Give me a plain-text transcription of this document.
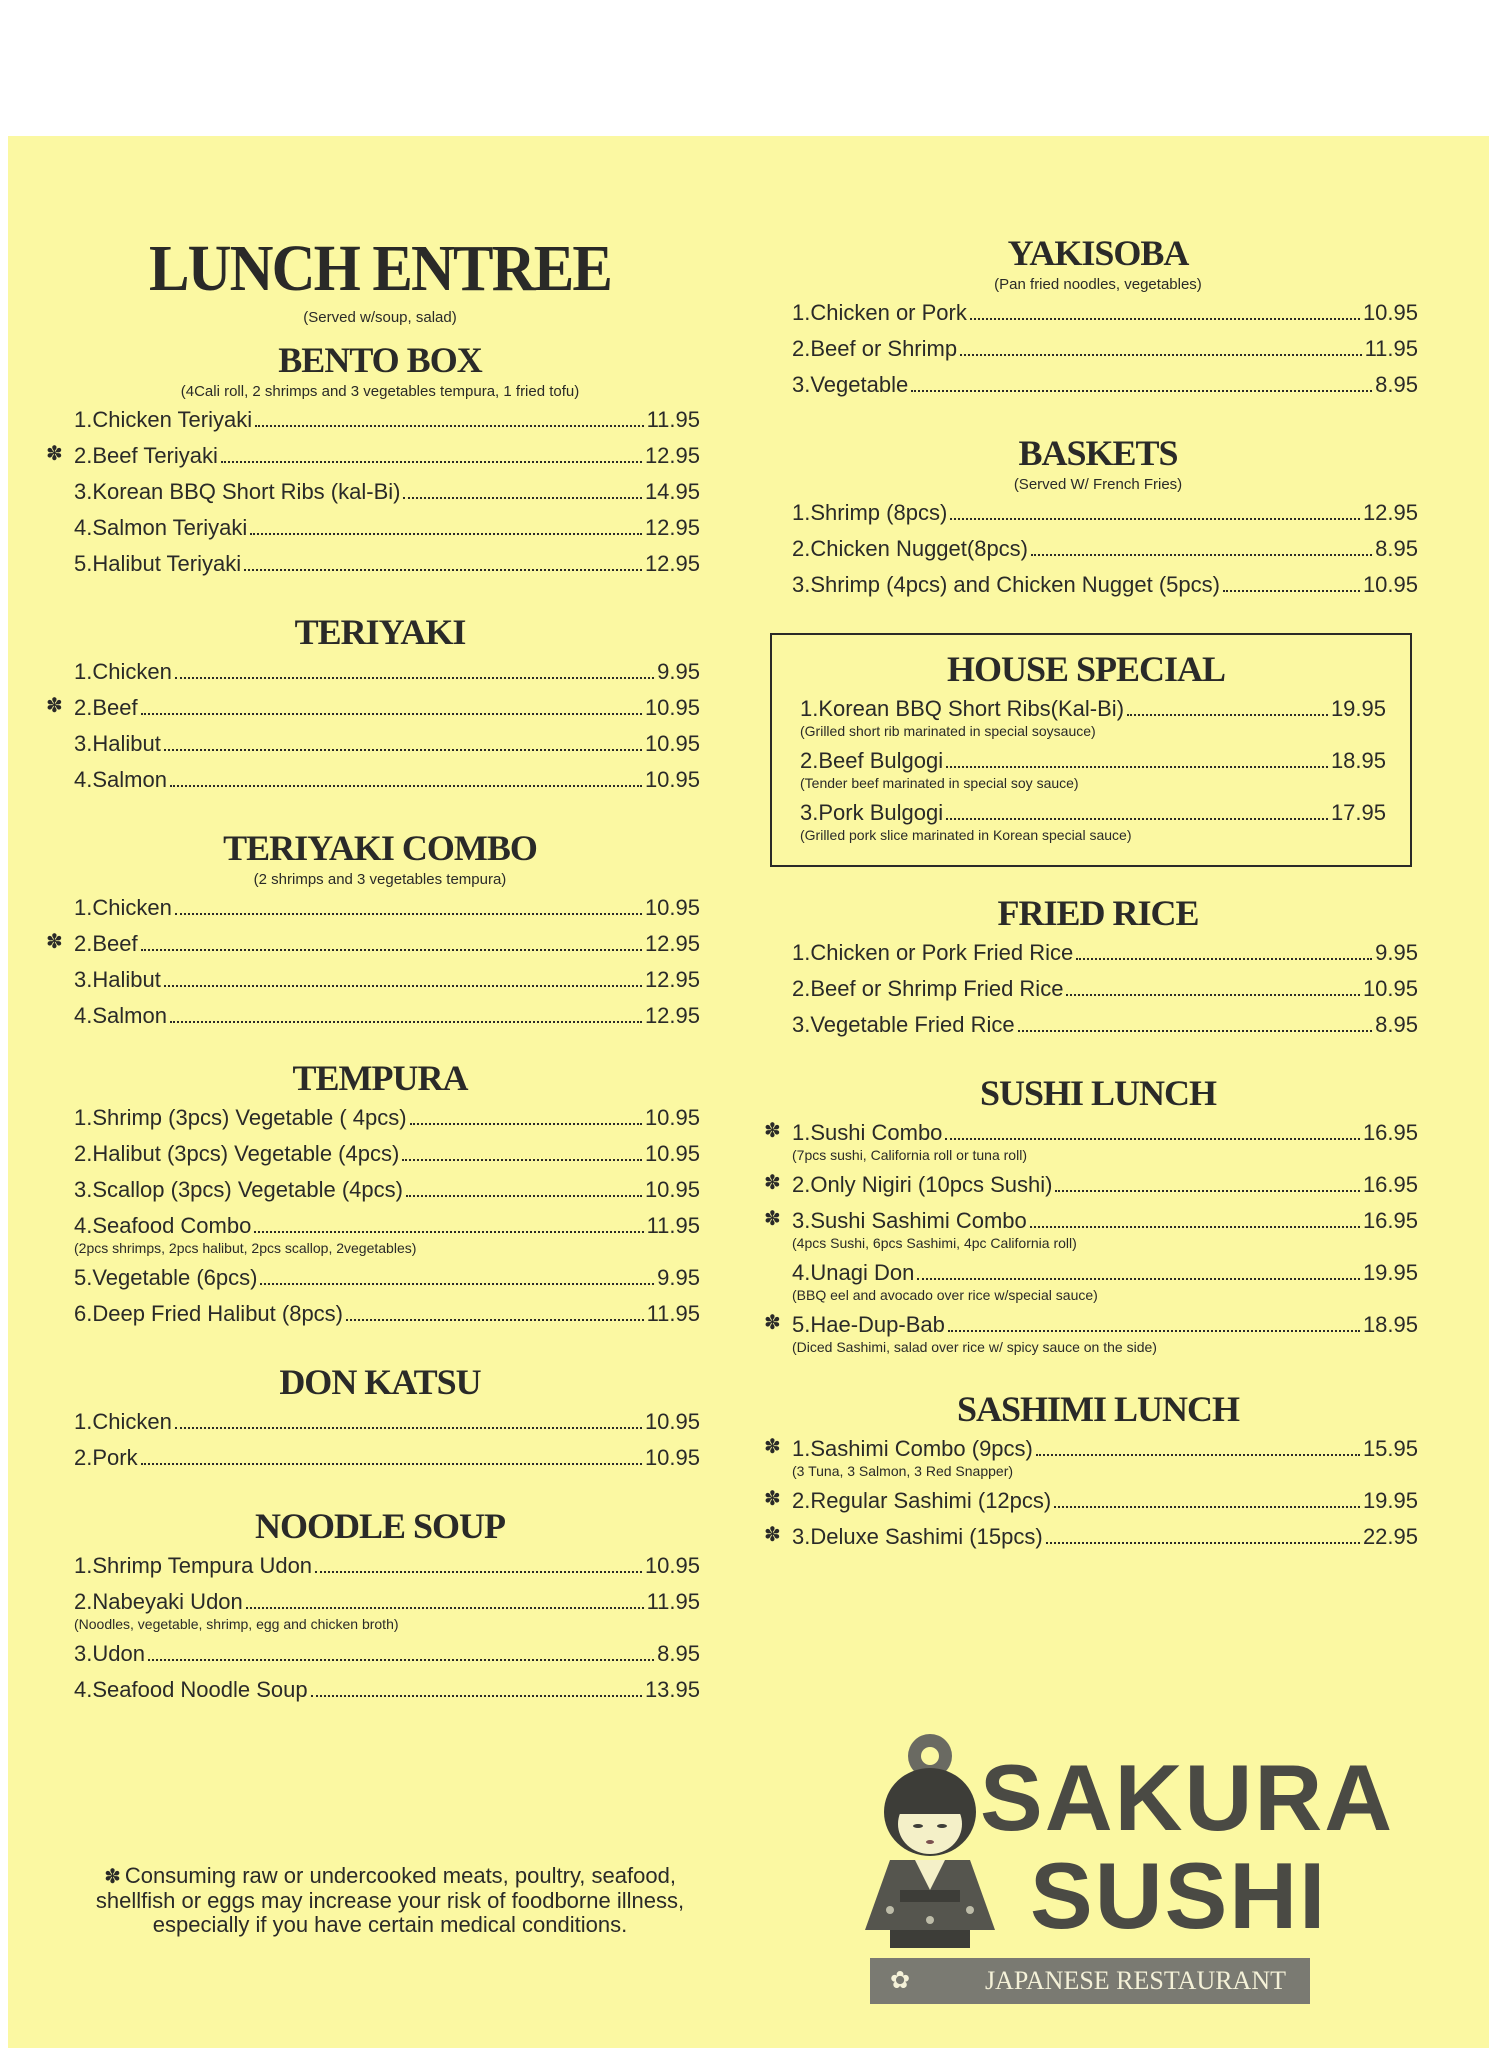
LUNCH ENTREE
(Served w/soup, salad)
BENTO BOX
(4Cali roll, 2 shrimps and 3 vegetables tempura, 1 fried tofu)
1.Chicken Teriyaki	11.95
✽ 2.Beef Teriyaki	12.95
3.Korean BBQ Short Ribs (kal-Bi)	14.95
4.Salmon Teriyaki	12.95
5.Halibut Teriyaki	12.95
TERIYAKI
1.Chicken	9.95
✽ 2.Beef	10.95
3.Halibut	10.95
4.Salmon	10.95
TERIYAKI COMBO
(2 shrimps and 3 vegetables tempura)
1.Chicken	10.95
✽ 2.Beef	12.95
3.Halibut	12.95
4.Salmon	12.95
TEMPURA
1.Shrimp (3pcs) Vegetable ( 4pcs)	10.95
2.Halibut (3pcs) Vegetable (4pcs)	10.95
3.Scallop (3pcs) Vegetable (4pcs)	10.95
4.Seafood Combo	11.95
(2pcs shrimps, 2pcs halibut, 2pcs scallop, 2vegetables)
5.Vegetable (6pcs)	9.95
6.Deep Fried Halibut (8pcs)	11.95
DON KATSU
1.Chicken	10.95
2.Pork	10.95
NOODLE SOUP
1.Shrimp Tempura Udon	10.95
2.Nabeyaki Udon	11.95
(Noodles, vegetable, shrimp, egg and chicken broth)
3.Udon	8.95
4.Seafood Noodle Soup	13.95
YAKISOBA
(Pan fried noodles, vegetables)
1.Chicken or Pork	10.95
2.Beef or Shrimp	11.95
3.Vegetable	8.95
BASKETS
(Served W/ French Fries)
1.Shrimp (8pcs)	12.95
2.Chicken Nugget(8pcs)	8.95
3.Shrimp (4pcs) and Chicken Nugget (5pcs)	10.95
HOUSE SPECIAL
1.Korean BBQ Short Ribs(Kal-Bi)	19.95
(Grilled short rib marinated in special soysauce)
2.Beef Bulgogi	18.95
(Tender beef marinated in special soy sauce)
3.Pork Bulgogi	17.95
(Grilled pork slice marinated in Korean special sauce)
FRIED RICE
1.Chicken or Pork Fried Rice	9.95
2.Beef or Shrimp Fried Rice	10.95
3.Vegetable Fried Rice	8.95
SUSHI LUNCH
✽ 1.Sushi Combo	16.95
(7pcs sushi, California roll or tuna roll)
✽ 2.Only Nigiri (10pcs Sushi)	16.95
✽ 3.Sushi Sashimi Combo	16.95
(4pcs Sushi, 6pcs Sashimi, 4pc California roll)
4.Unagi Don	19.95
(BBQ eel and avocado over rice w/special sauce)
✽ 5.Hae-Dup-Bab	18.95
(Diced Sashimi, salad over rice w/ spicy sauce on the side)
SASHIMI LUNCH
✽ 1.Sashimi Combo (9pcs)	15.95
(3 Tuna, 3 Salmon, 3 Red Snapper)
✽ 2.Regular Sashimi (12pcs)	19.95
✽ 3.Deluxe Sashimi (15pcs)	22.95
✽ Consuming raw or undercooked meats, poultry, seafood,
shellfish or eggs may increase your risk of foodborne illness,
especially if you have certain medical conditions.
SAKURA
SUSHI
✿	JAPANESE RESTAURANT
